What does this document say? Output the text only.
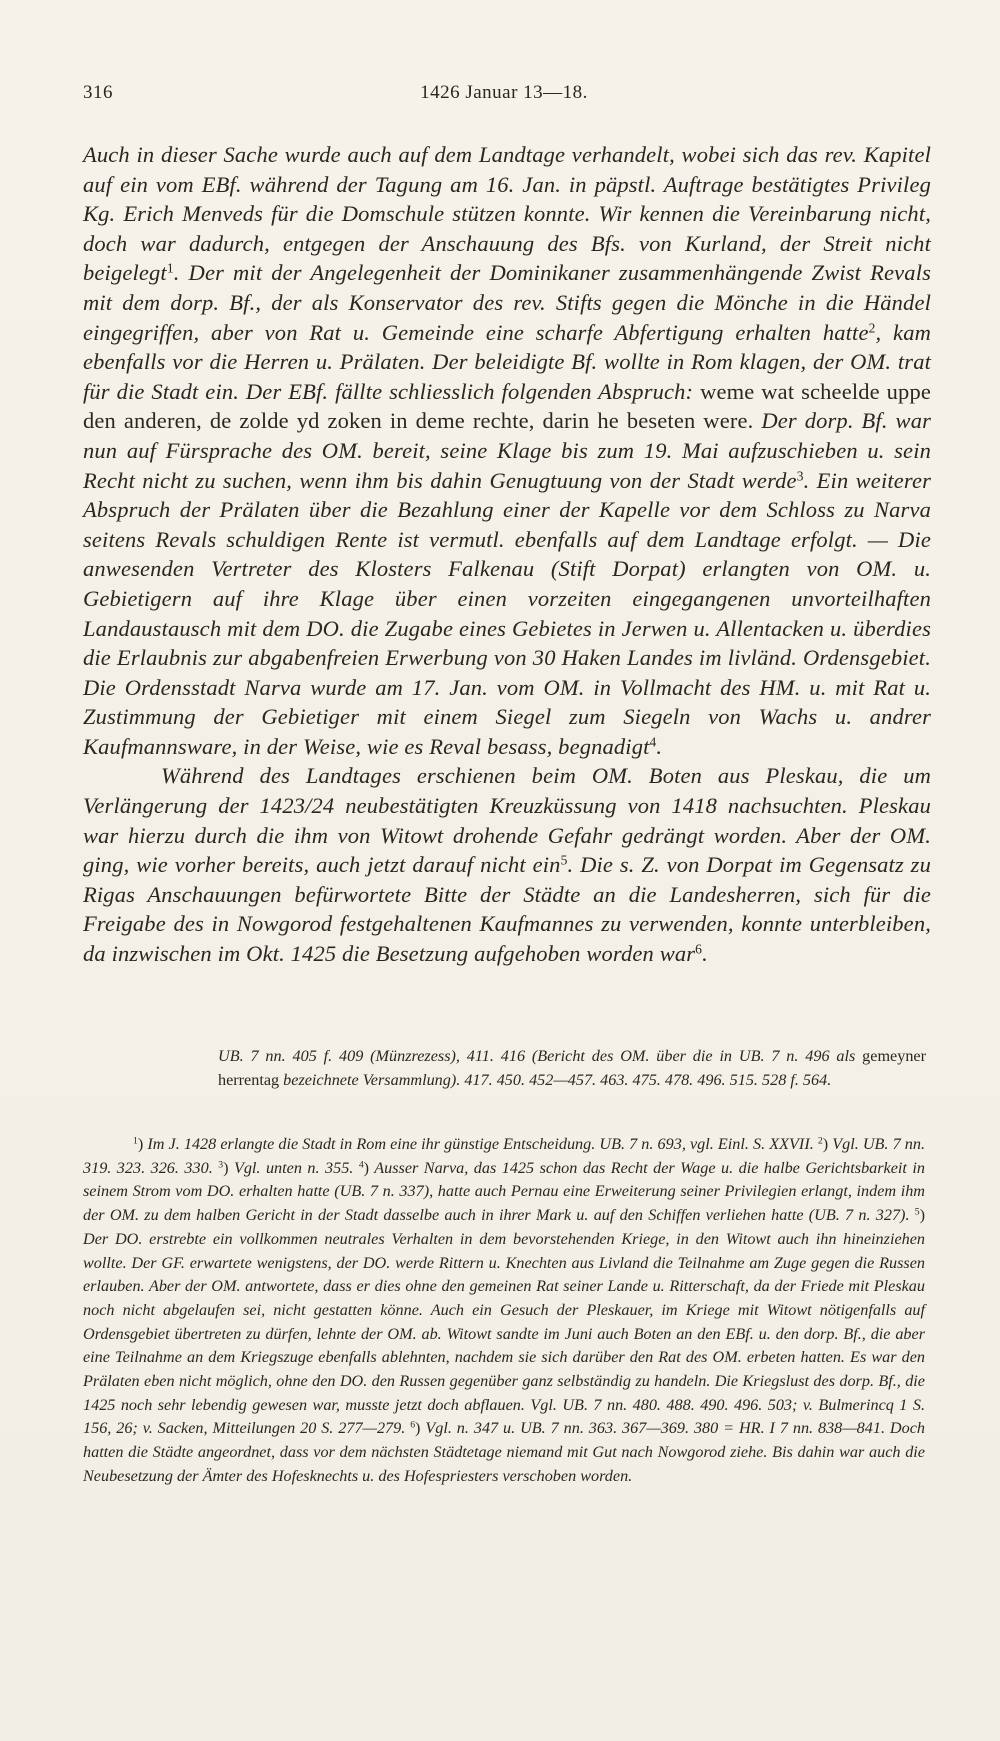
316	1426 Januar 13—18.

Auch in dieser Sache wurde auch auf dem Landtage verhandelt, wobei sich das rev. Kapitel auf ein vom EBf. während der Tagung am 16. Jan. in päpstl. Auftrage bestätigtes Privileg Kg. Erich Menveds für die Domschule stützen konnte. Wir kennen die Vereinbarung nicht, doch war dadurch, entgegen der Anschauung des Bfs. von Kurland, der Streit nicht beigelegt$^1$. Der mit der Angelegenheit der Dominikaner zusammenhängende Zwist Revals mit dem dorp. Bf., der als Konservator des rev. Stifts gegen die Mönche in die Händel eingegriffen, aber von Rat u. Gemeinde eine scharfe Abfertigung erhalten hatte$^2$, kam ebenfalls vor die Herren u. Prälaten. Der beleidigte Bf. wollte in Rom klagen, der OM. trat für die Stadt ein. Der EBf. fällte schliesslich folgenden Abspruch: weme wat scheelde uppe den anderen, de zolde yd zoken in deme rechte, darin he beseten were. Der dorp. Bf. war nun auf Fürsprache des OM. bereit, seine Klage bis zum 19. Mai aufzuschieben u. sein Recht nicht zu suchen, wenn ihm bis dahin Genugtuung von der Stadt werde$^3$. Ein weiterer Abspruch der Prälaten über die Bezahlung einer der Kapelle vor dem Schloss zu Narva seitens Revals schuldigen Rente ist vermutl. ebenfalls auf dem Landtage erfolgt. — Die anwesenden Vertreter des Klosters Falkenau (Stift Dorpat) erlangten von OM. u. Gebietigern auf ihre Klage über einen vorzeiten eingegangenen unvorteilhaften Landaustausch mit dem DO. die Zugabe eines Gebietes in Jerwen u. Allentacken u. überdies die Erlaubnis zur abgabenfreien Erwerbung von 30 Haken Landes im livländ. Ordensgebiet. Die Ordensstadt Narva wurde am 17. Jan. vom OM. in Vollmacht des HM. u. mit Rat u. Zustimmung der Gebietiger mit einem Siegel zum Siegeln von Wachs u. andrer Kaufmannsware, in der Weise, wie es Reval besass, begnadigt$^4$.

Während des Landtages erschienen beim OM. Boten aus Pleskau, die um Verlängerung der 1423/24 neubestätigten Kreuzküssung von 1418 nachsuchten. Pleskau war hierzu durch die ihm von Witowt drohende Gefahr gedrängt worden. Aber der OM. ging, wie vorher bereits, auch jetzt darauf nicht ein$^5$. Die s. Z. von Dorpat im Gegensatz zu Rigas Anschauungen befürwortete Bitte der Städte an die Landesherren, sich für die Freigabe des in Nowgorod festgehaltenen Kaufmannes zu verwenden, konnte unterbleiben, da inzwischen im Okt. 1425 die Besetzung aufgehoben worden war$^6$.

UB. 7 nn. 405 f. 409 (Münzrezess), 411. 416 (Bericht des OM. über die in UB. 7 n. 496 als gemeyner herrentag bezeichnete Versammlung). 417. 450. 452—457. 463. 475. 478. 496. 515. 528 f. 564.

$^1$) Im J. 1428 erlangte die Stadt in Rom eine ihr günstige Entscheidung. UB. 7 n. 693, vgl. Einl. S. XXVII. $^2$) Vgl. UB. 7 nn. 319. 323. 326. 330. $^3$) Vgl. unten n. 355. $^4$) Ausser Narva, das 1425 schon das Recht der Wage u. die halbe Gerichtsbarkeit in seinem Strom vom DO. erhalten hatte (UB. 7 n. 337), hatte auch Pernau eine Erweiterung seiner Privilegien erlangt, indem ihm der OM. zu dem halben Gericht in der Stadt dasselbe auch in ihrer Mark u. auf den Schiffen verliehen hatte (UB. 7 n. 327). $^5$) Der DO. erstrebte ein vollkommen neutrales Verhalten in dem bevorstehenden Kriege, in den Witowt auch ihn hineinziehen wollte. Der GF. erwartete wenigstens, der DO. werde Rittern u. Knechten aus Livland die Teilnahme am Zuge gegen die Russen erlauben. Aber der OM. antwortete, dass er dies ohne den gemeinen Rat seiner Lande u. Ritterschaft, da der Friede mit Pleskau noch nicht abgelaufen sei, nicht gestatten könne. Auch ein Gesuch der Pleskauer, im Kriege mit Witowt nötigenfalls auf Ordensgebiet übertreten zu dürfen, lehnte der OM. ab. Witowt sandte im Juni auch Boten an den EBf. u. den dorp. Bf., die aber eine Teilnahme an dem Kriegszuge ebenfalls ablehnten, nachdem sie sich darüber den Rat des OM. erbeten hatten. Es war den Prälaten eben nicht möglich, ohne den DO. den Russen gegenüber ganz selbständig zu handeln. Die Kriegslust des dorp. Bf., die 1425 noch sehr lebendig gewesen war, musste jetzt doch abflauen. Vgl. UB. 7 nn. 480. 488. 490. 496. 503; v. Bulmerincq 1 S. 156, 26; v. Sacken, Mitteilungen 20 S. 277—279. $^6$) Vgl. n. 347 u. UB. 7 nn. 363. 367—369. 380 = HR. I 7 nn. 838—841. Doch hatten die Städte angeordnet, dass vor dem nächsten Städtetage niemand mit Gut nach Nowgorod ziehe. Bis dahin war auch die Neubesetzung der Ämter des Hofesknechts u. des Hofespriesters verschoben worden.
